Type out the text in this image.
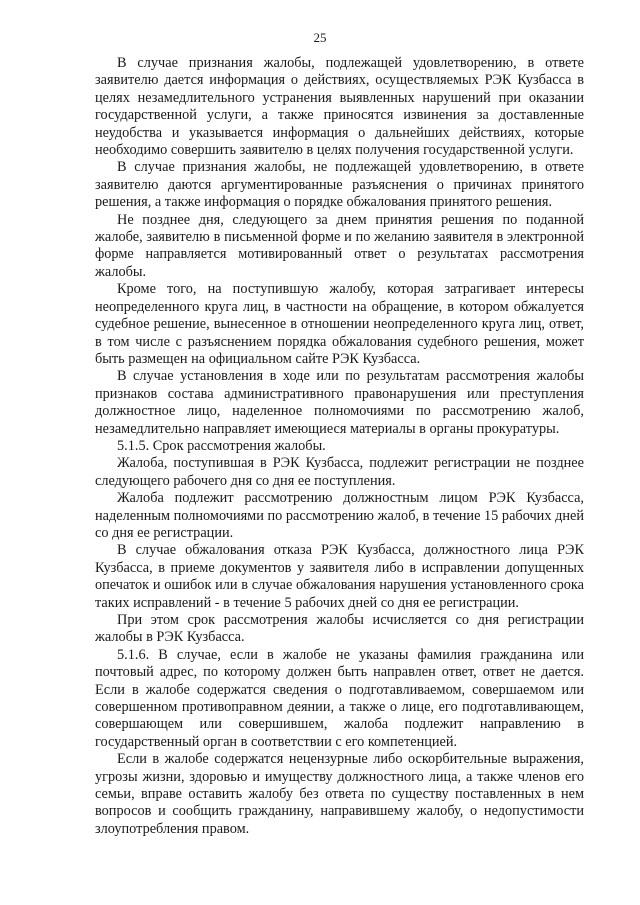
25

В случае признания жалобы, подлежащей удовлетворению, в ответе заявителю дается информация о действиях, осуществляемых РЭК Кузбасса в целях незамедлительного устранения выявленных нарушений при оказании государственной услуги, а также приносятся извинения за доставленные неудобства и указывается информация о дальнейших действиях, которые необходимо совершить заявителю в целях получения государственной услуги.

В случае признания жалобы, не подлежащей удовлетворению, в ответе заявителю даются аргументированные разъяснения о причинах принятого решения, а также информация о порядке обжалования принятого решения.

Не позднее дня, следующего за днем принятия решения по поданной жалобе, заявителю в письменной форме и по желанию заявителя в электронной форме направляется мотивированный ответ о результатах рассмотрения жалобы.

Кроме того, на поступившую жалобу, которая затрагивает интересы неопределенного круга лиц, в частности на обращение, в котором обжалуется судебное решение, вынесенное в отношении неопределенного круга лиц, ответ, в том числе с разъяснением порядка обжалования судебного решения, может быть размещен на официальном сайте РЭК Кузбасса.

В случае установления в ходе или по результатам рассмотрения жалобы признаков состава административного правонарушения или преступления должностное лицо, наделенное полномочиями по рассмотрению жалоб, незамедлительно направляет имеющиеся материалы в органы прокуратуры.

5.1.5. Срок рассмотрения жалобы.

Жалоба, поступившая в РЭК Кузбасса, подлежит регистрации не позднее следующего рабочего дня со дня ее поступления.

Жалоба подлежит рассмотрению должностным лицом РЭК Кузбасса, наделенным полномочиями по рассмотрению жалоб, в течение 15 рабочих дней со дня ее регистрации.

В случае обжалования отказа РЭК Кузбасса, должностного лица РЭК Кузбасса, в приеме документов у заявителя либо в исправлении допущенных опечаток и ошибок или в случае обжалования нарушения установленного срока таких исправлений - в течение 5 рабочих дней со дня ее регистрации.

При этом срок рассмотрения жалобы исчисляется со дня регистрации жалобы в РЭК Кузбасса.

5.1.6. В случае, если в жалобе не указаны фамилия гражданина или почтовый адрес, по которому должен быть направлен ответ, ответ не дается. Если в жалобе содержатся сведения о подготавливаемом, совершаемом или совершенном противоправном деянии, а также о лице, его подготавливающем, совершающем или совершившем, жалоба подлежит направлению в государственный орган в соответствии с его компетенцией.

Если в жалобе содержатся нецензурные либо оскорбительные выражения, угрозы жизни, здоровью и имуществу должностного лица, а также членов его семьи, вправе оставить жалобу без ответа по существу поставленных в нем вопросов и сообщить гражданину, направившему жалобу, о недопустимости злоупотребления правом.
